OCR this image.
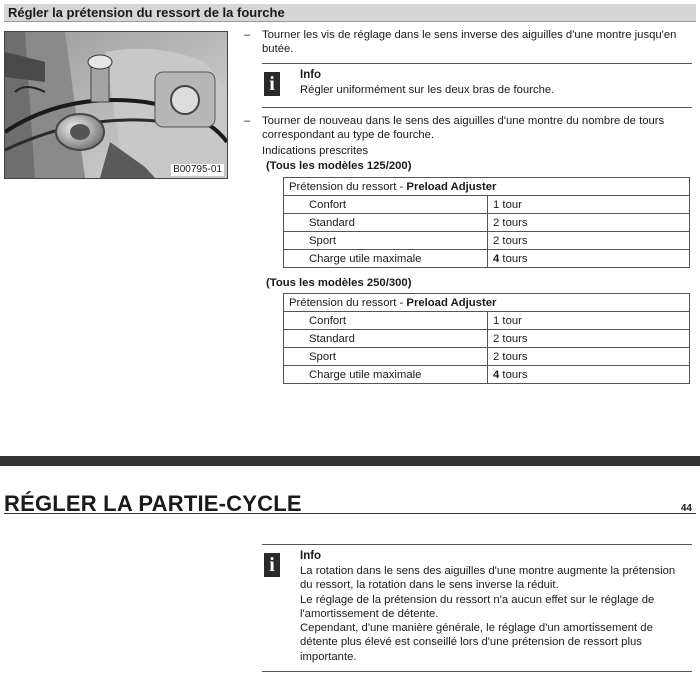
Régler la prétension du ressort de la fourche
B00795-01
– Tourner les vis de réglage dans le sens inverse des aiguilles d'une montre jusqu'en butée.
i	Info
Régler uniformément sur les deux bras de fourche.
– Tourner de nouveau dans le sens des aiguilles d'une montre du nombre de tours correspondant au type de fourche.
Indications prescrites
(Tous les modèles 125/200)
Prétension du ressort - Preload Adjuster	
Confort	1 tour
Standard	2 tours
Sport	2 tours
Charge utile maximale	4 tours
(Tous les modèles 250/300)
Prétension du ressort - Preload Adjuster	
Confort	1 tour
Standard	2 tours
Sport	2 tours
Charge utile maximale	4 tours
RÉGLER LA PARTIE-CYCLE	44
i	Info
La rotation dans le sens des aiguilles d'une montre augmente la prétension
du ressort, la rotation dans le sens inverse la réduit.
Le réglage de la prétension du ressort n'a aucun effet sur le réglage de
l'amortissement de détente.
Cependant, d'une manière générale, le réglage d'un amortissement de
détente plus élevé est conseillé lors d'une prétension de ressort plus
importante.
